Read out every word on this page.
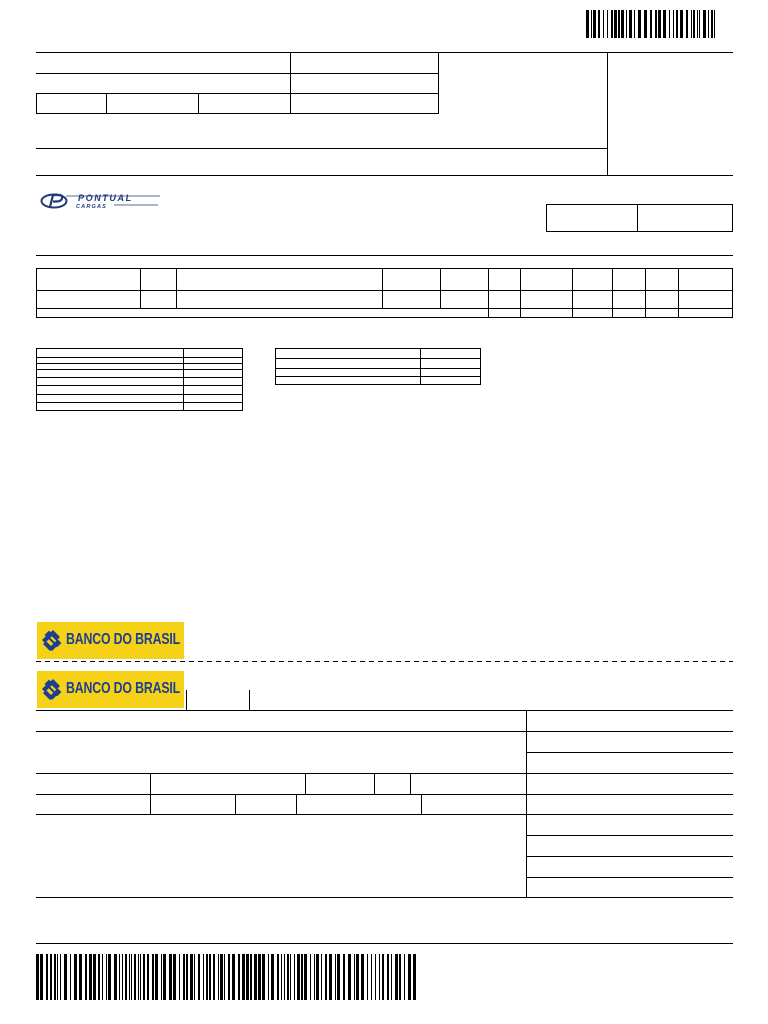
PONTUAL
CARGAS
BANCO DO BRASIL
BANCO DO BRASIL
